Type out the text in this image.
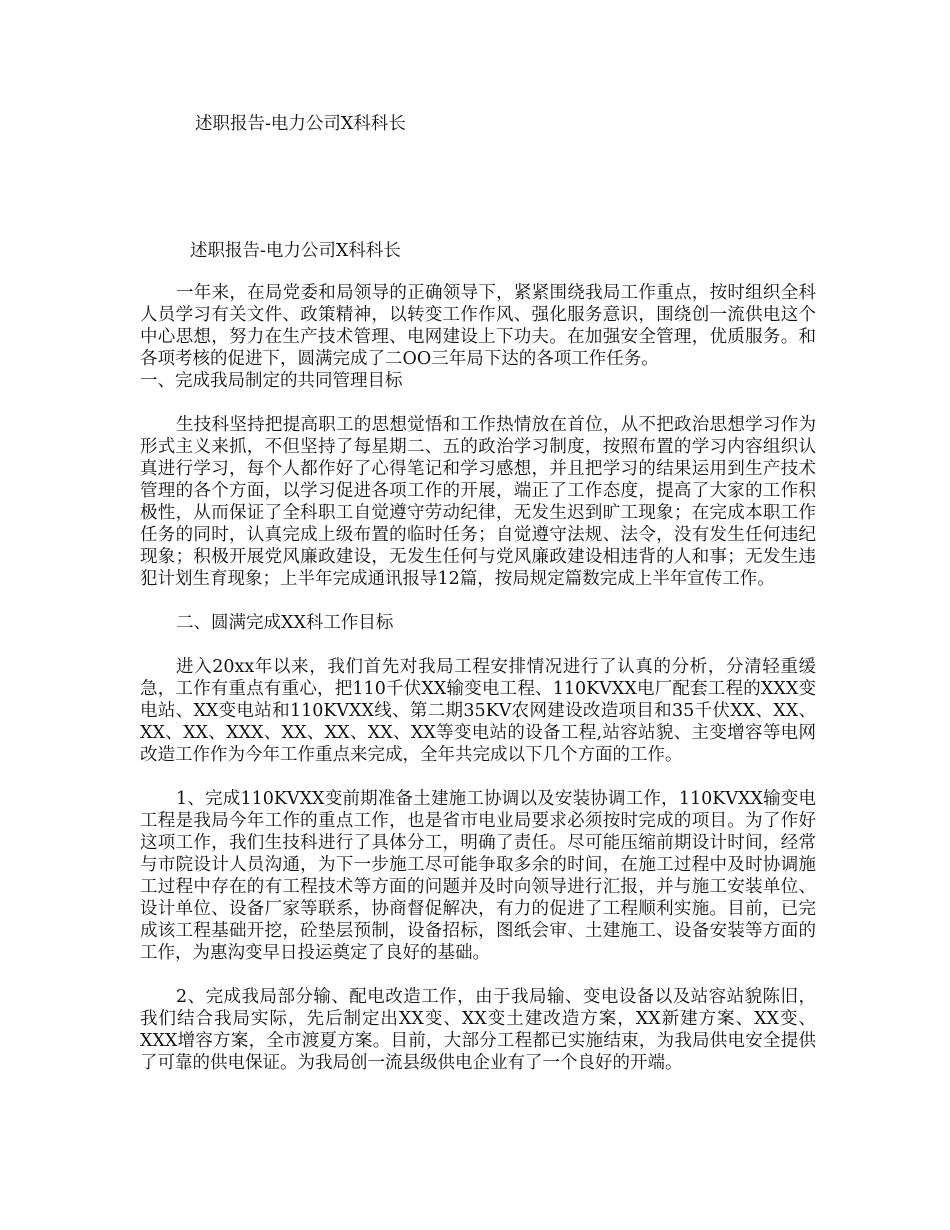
述职报告-电力公司X科科长

述职报告-电力公司X科科长

一年来，在局党委和局领导的正确领导下，紧紧围绕我局工作重点，按时组织全科人员学习有关文件、政策精神，以转变工作作风、强化服务意识，围绕创一流供电这个中心思想，努力在生产技术管理、电网建设上下功夫。在加强安全管理，优质服务。和各项考核的促进下，圆满完成了二OO三年局下达的各项工作任务。

一、完成我局制定的共同管理目标

生技科坚持把提高职工的思想觉悟和工作热情放在首位，从不把政治思想学习作为形式主义来抓，不但坚持了每星期二、五的政治学习制度，按照布置的学习内容组织认真进行学习，每个人都作好了心得笔记和学习感想，并且把学习的结果运用到生产技术管理的各个方面，以学习促进各项工作的开展，端正了工作态度，提高了大家的工作积极性，从而保证了全科职工自觉遵守劳动纪律，无发生迟到旷工现象；在完成本职工作任务的同时，认真完成上级布置的临时任务；自觉遵守法规、法令，没有发生任何违纪现象；积极开展党风廉政建设，无发生任何与党风廉政建设相违背的人和事；无发生违犯计划生育现象；上半年完成通讯报导12篇，按局规定篇数完成上半年宣传工作。

二、圆满完成XX科工作目标

进入20xx年以来，我们首先对我局工程安排情况进行了认真的分析，分清轻重缓急，工作有重点有重心，把110千伏XX输变电工程、110KVXX电厂配套工程的XXX变电站、XX变电站和110KVXX线、第二期35KV农网建设改造项目和35千伏XX、XX、XX、XX、XXX、XX、XX、XX、XX等变电站的设备工程,站容站貌、主变增容等电网改造工作作为今年工作重点来完成，全年共完成以下几个方面的工作。

1、完成110KVXX变前期准备土建施工协调以及安装协调工作，110KVXX输变电工程是我局今年工作的重点工作，也是省市电业局要求必须按时完成的项目。为了作好这项工作，我们生技科进行了具体分工，明确了责任。尽可能压缩前期设计时间，经常与市院设计人员沟通，为下一步施工尽可能争取多余的时间，在施工过程中及时协调施工过程中存在的有工程技术等方面的问题并及时向领导进行汇报，并与施工安装单位、设计单位、设备厂家等联系，协商督促解决，有力的促进了工程顺利实施。目前，已完成该工程基础开挖，砼垫层预制，设备招标，图纸会审、土建施工、设备安装等方面的工作，为惠沟变早日投运奠定了良好的基础。

2、完成我局部分输、配电改造工作，由于我局输、变电设备以及站容站貌陈旧，我们结合我局实际，先后制定出XX变、XX变土建改造方案，XX新建方案、XX变、XXX增容方案，全市渡夏方案。目前，大部分工程都已实施结束，为我局供电安全提供了可靠的供电保证。为我局创一流县级供电企业有了一个良好的开端。
